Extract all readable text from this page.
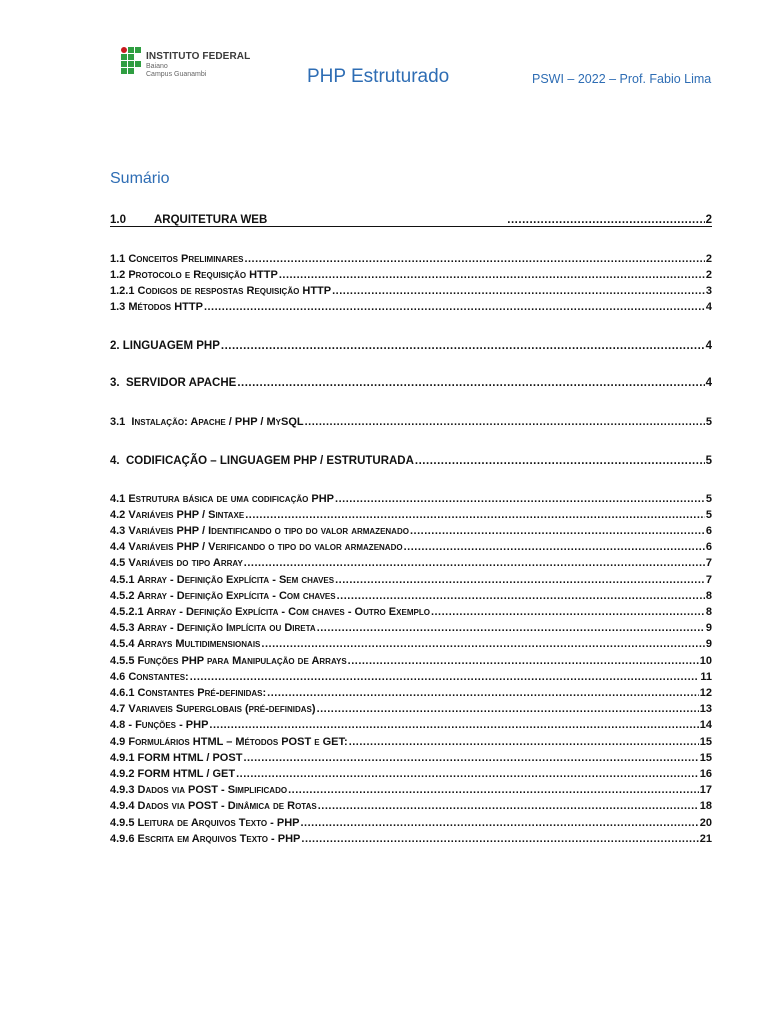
INSTITUTO FEDERAL
Baiano
Campus Guanambi	PHP Estruturado	PSWI – 2022 – Prof. Fabio Lima
Sumário
1.0 ARQUITETURA WEB .....	2
1.1 Conceitos Preliminares .....	2
1.2 Protocolo e Requisição HTTP .....	2
1.2.1 Codigos de respostas Requisição HTTP .....	3
1.3 Métodos HTTP .....	4
2. LINGUAGEM PHP .....	4
3.  SERVIDOR APACHE .....	4
3.1  Instalação: Apache / PHP / MySQL .....	5
4.  CODIFICAÇÃO – LINGUAGEM PHP / ESTRUTURADA .....	5
4.1 Estrutura básica de uma codificação PHP .....	5
4.2 Variáveis PHP / Sintaxe .....	5
4.3 Variáveis PHP / Identificando o tipo do valor armazenado .....	6
4.4 Variáveis PHP / Verificando o tipo do valor armazenado .....	6
4.5 Variáveis do tipo Array .....	7
4.5.1 Array - Definição Explícita - Sem chaves .....	7
4.5.2 Array - Definição Explícita - Com chaves .....	8
4.5.2.1 Array - Definição Explícita - Com chaves - Outro Exemplo .....	8
4.5.3 Array - Definição Implícita ou Direta .....	9
4.5.4 Arrays Multidimensionais .....	9
4.5.5 Funções PHP para Manipulação de Arrays .....	10
4.6 Constantes: .....	11
4.6.1 Constantes Pré-definidas: .....	12
4.7 Variaveis Superglobais (pré-definidas) .....	13
4.8 - Funções - PHP .....	14
4.9 Formulários HTML – Métodos POST e GET: .....	15
4.9.1 FORM HTML / POST .....	15
4.9.2 FORM HTML / GET .....	16
4.9.3 Dados via POST - Simplificado .....	17
4.9.4 Dados via POST - Dinâmica de Rotas .....	18
4.9.5 Leitura de Arquivos Texto - PHP .....	20
4.9.6 Escrita em Arquivos Texto - PHP .....	21
